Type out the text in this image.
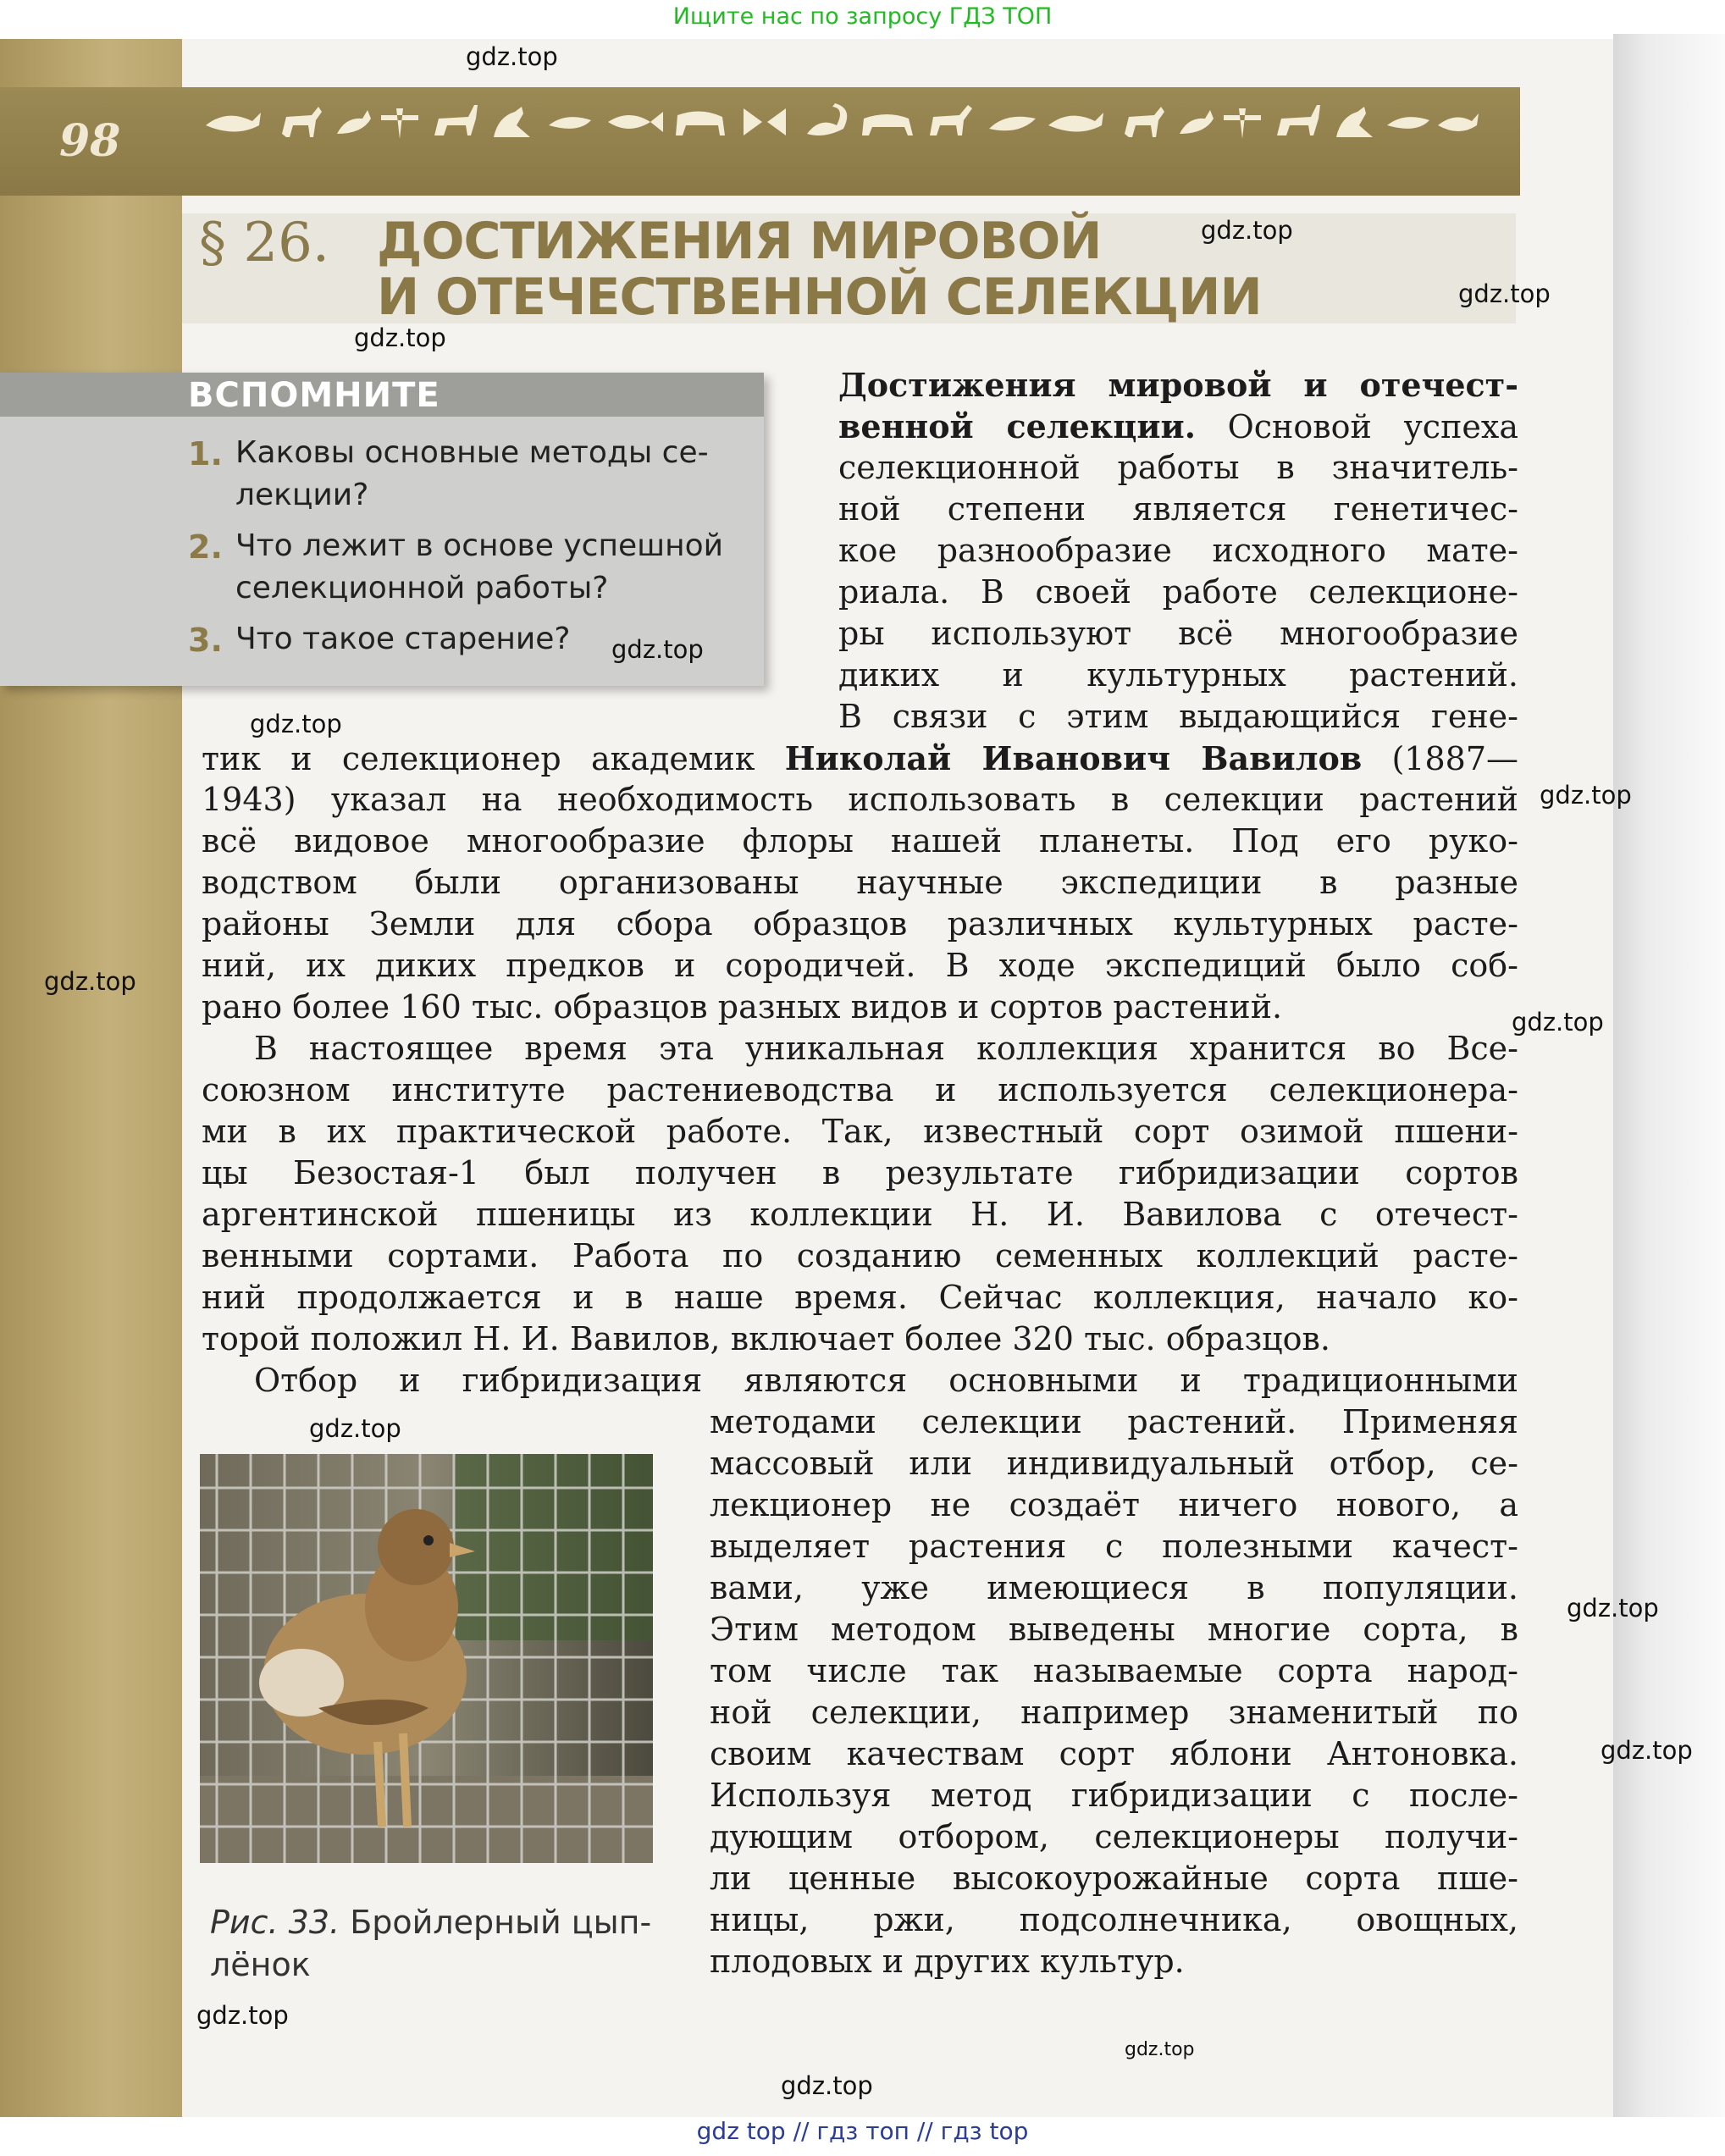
Ищите нас по запросу ГДЗ ТОП
98
§ 26. ДОСТИЖЕНИЯ МИРОВОЙ
И ОТЕЧЕСТВЕННОЙ СЕЛЕКЦИИ
ВСПОМНИТЕ
1. Каковы основные методы се-
лекции?
2. Что лежит в основе успешной
селекционной работы?
3. Что такое старение?
Достижения мировой и отечест-
венной селекции. Основой успеха
селекционной работы в значитель-
ной степени является генетичес-
кое разнообразие исходного мате-
риала. В своей работе селекционе-
ры используют всё многообразие
диких и культурных растений.
В связи с этим выдающийся гене-
тик и селекционер академик Николай Иванович Вавилов (1887—
1943) указал на необходимость использовать в селекции растений
всё видовое многообразие флоры нашей планеты. Под его руко-
водством были организованы научные экспедиции в разные
районы Земли для сбора образцов различных культурных расте-
ний, их диких предков и сородичей. В ходе экспедиций было соб-
рано более 160 тыс. образцов разных видов и сортов растений.
В настоящее время эта уникальная коллекция хранится во Все-
союзном институте растениеводства и используется селекционера-
ми в их практической работе. Так, известный сорт озимой пшени-
цы Безостая-1 был получен в результате гибридизации сортов
аргентинской пшеницы из коллекции Н. И. Вавилова с отечест-
венными сортами. Работа по созданию семенных коллекций расте-
ний продолжается и в наше время. Сейчас коллекция, начало ко-
торой положил Н. И. Вавилов, включает более 320 тыс. образцов.
Отбор и гибридизация являются основными и традиционными
методами селекции растений. Применяя
массовый или индивидуальный отбор, се-
лекционер не создаёт ничего нового, а
выделяет растения с полезными качест-
вами, уже имеющиеся в популяции.
Этим методом выведены многие сорта, в
том числе так называемые сорта народ-
ной селекции, например знаменитый по
своим качествам сорт яблони Антоновка.
Используя метод гибридизации с после-
дующим отбором, селекционеры получи-
ли ценные высокоурожайные сорта пше-
ницы, ржи, подсолнечника, овощных,
плодовых и других культур.
Рис. 33. Бройлерный цып-
лёнок
gdz.top
gdz.top
gdz.top
gdz.top
gdz.top
gdz.top
gdz.top
gdz.top
gdz.top
gdz.top
gdz.top
gdz.top
gdz.top
gdz.top
gdz.top
gdz top // гдз топ // гдз top
